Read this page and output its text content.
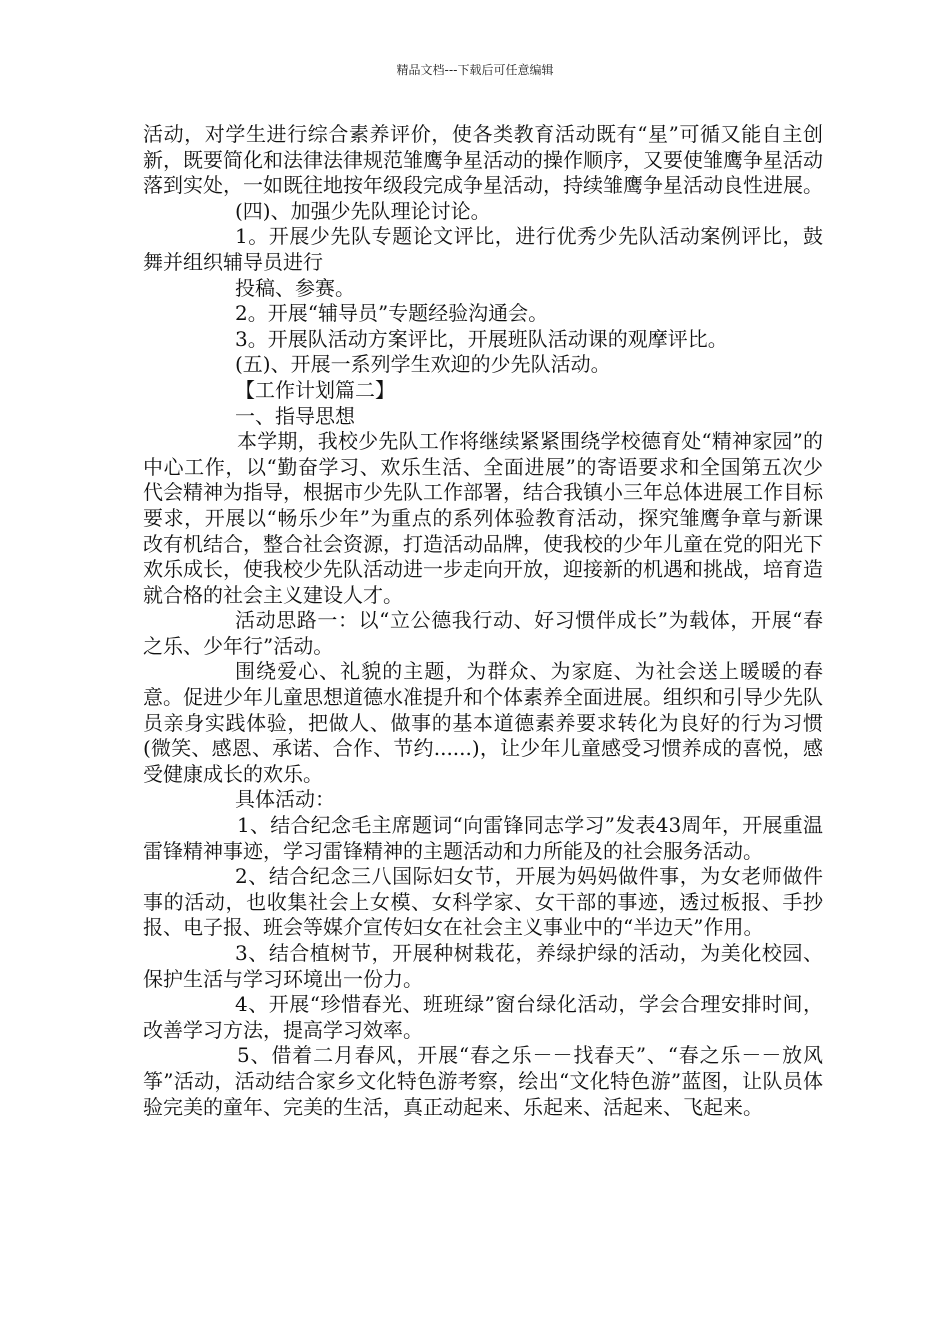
精品文档---下载后可任意编辑

活动，对学生进行综合素养评价，使各类教育活动既有“星”可循又能自主创新，既要简化和法律法律规范雏鹰争星活动的操作顺序，又要使雏鹰争星活动落到实处，一如既往地按年级段完成争星活动，持续雏鹰争星活动良性进展。

(四)、加强少先队理论讨论。

1。开展少先队专题论文评比，进行优秀少先队活动案例评比，鼓舞并组织辅导员进行

投稿、参赛。

2。开展“辅导员”专题经验沟通会。

3。开展队活动方案评比，开展班队活动课的观摩评比。

(五)、开展一系列学生欢迎的少先队活动。

【工作计划篇二】

一、指导思想

本学期，我校少先队工作将继续紧紧围绕学校德育处“精神家园”的中心工作，以“勤奋学习、欢乐生活、全面进展”的寄语要求和全国第五次少代会精神为指导，根据市少先队工作部署，结合我镇小三年总体进展工作目标要求，开展以“畅乐少年”为重点的系列体验教育活动，探究雏鹰争章与新课改有机结合，整合社会资源，打造活动品牌，使我校的少年儿童在党的阳光下欢乐成长，使我校少先队活动进一步走向开放，迎接新的机遇和挑战，培育造就合格的社会主义建设人才。

活动思路一：以“立公德我行动、好习惯伴成长”为载体，开展“春之乐、少年行”活动。

围绕爱心、礼貌的主题，为群众、为家庭、为社会送上暖暖的春意。促进少年儿童思想道德水准提升和个体素养全面进展。组织和引导少先队员亲身实践体验，把做人、做事的基本道德素养要求转化为良好的行为习惯(微笑、感恩、承诺、合作、节约......)，让少年儿童感受习惯养成的喜悦，感受健康成长的欢乐。

具体活动：

1、结合纪念毛主席题词“向雷锋同志学习”发表43周年，开展重温雷锋精神事迹，学习雷锋精神的主题活动和力所能及的社会服务活动。

2、结合纪念三八国际妇女节，开展为妈妈做件事，为女老师做件事的活动，也收集社会上女模、女科学家、女干部的事迹，透过板报、手抄报、电子报、班会等媒介宣传妇女在社会主义事业中的“半边天”作用。

3、结合植树节，开展种树栽花，养绿护绿的活动，为美化校园、保护生活与学习环境出一份力。

4、开展“珍惜春光、班班绿”窗台绿化活动，学会合理安排时间，改善学习方法，提高学习效率。

5、借着二月春风，开展“春之乐－－找春天”、“春之乐－－放风筝”活动，活动结合家乡文化特色游考察，绘出“文化特色游”蓝图，让队员体验完美的童年、完美的生活，真正动起来、乐起来、活起来、飞起来。
